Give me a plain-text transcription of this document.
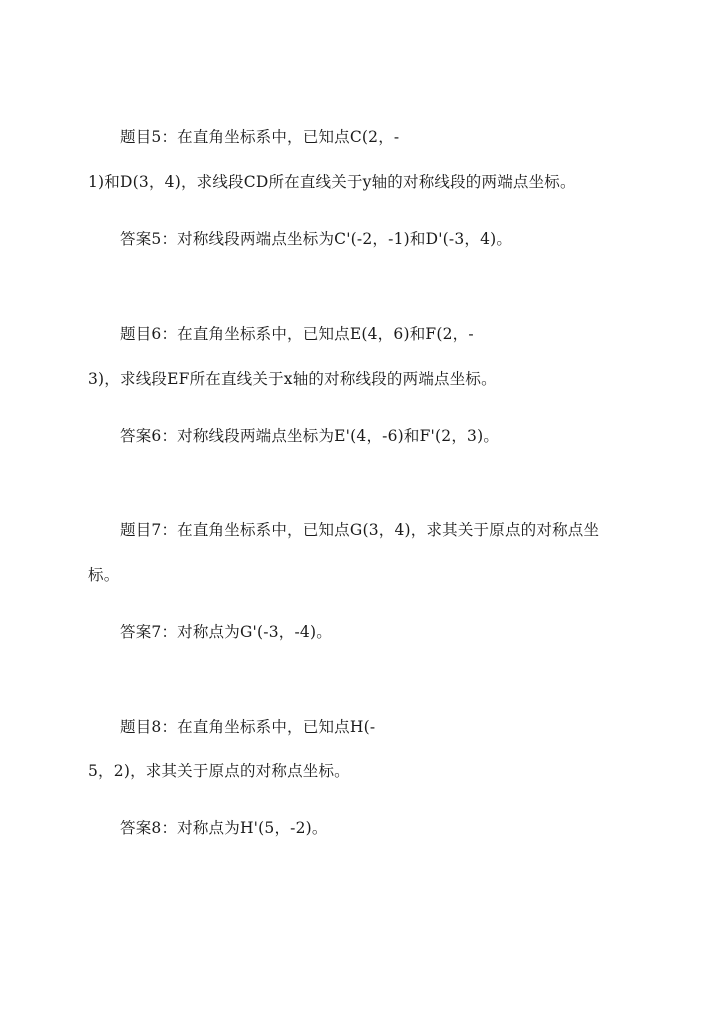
题目5：在直角坐标系中，已知点C(2，-
1)和D(3，4)，求线段CD所在直线关于y轴的对称线段的两端点坐标。
答案5：对称线段两端点坐标为C'(-2，-1)和D'(-3，4)。
题目6：在直角坐标系中，已知点E(4，6)和F(2，-
3)，求线段EF所在直线关于x轴的对称线段的两端点坐标。
答案6：对称线段两端点坐标为E'(4，-6)和F'(2，3)。
题目7：在直角坐标系中，已知点G(3，4)，求其关于原点的对称点坐
标。
答案7：对称点为G'(-3，-4)。
题目8：在直角坐标系中，已知点H(-
5，2)，求其关于原点的对称点坐标。
答案8：对称点为H'(5，-2)。
